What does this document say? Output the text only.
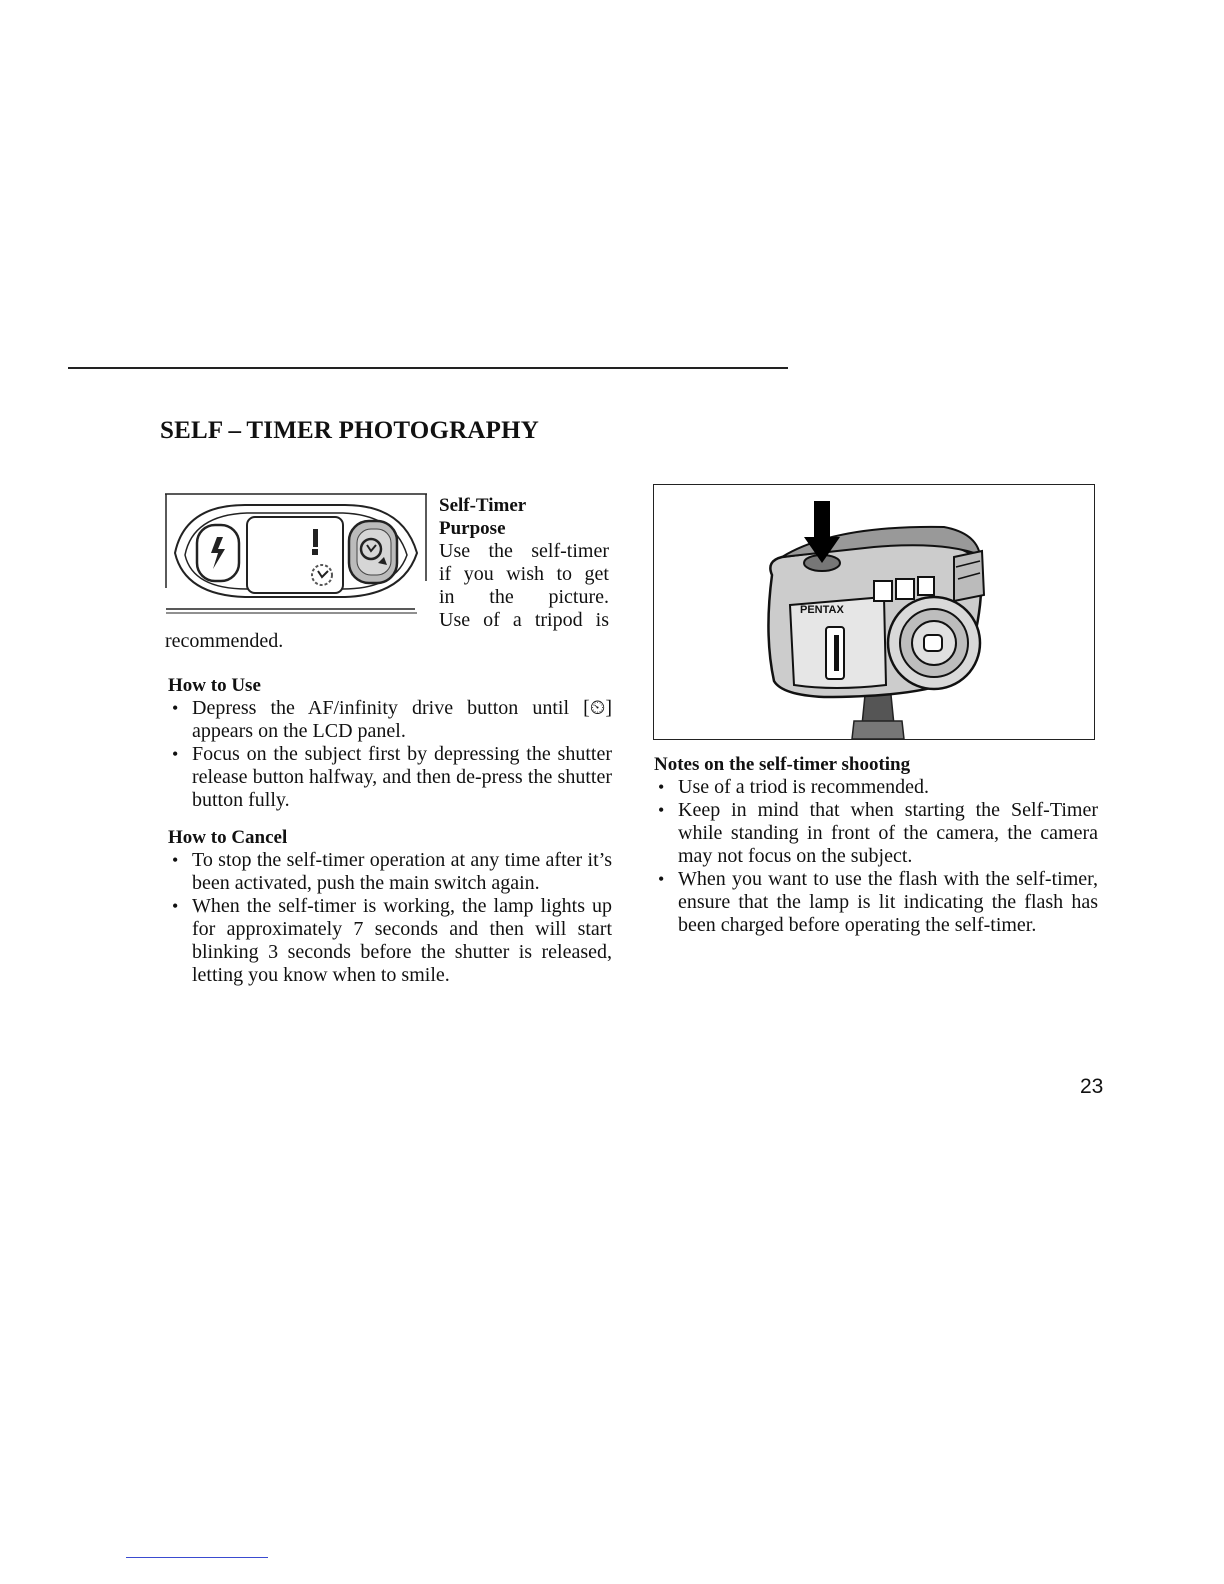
SELF – TIMER PHOTOGRAPHY
Self-Timer
Purpose
Use the self-timer
if you wish to get
in the picture.
Use of a tripod is
recommended.
How to Use
• Depress the AF/infinity drive button until [⏲] appears on the LCD panel.
• Focus on the subject first by depressing the shutter release button halfway, and then de-press the shutter button fully.
How to Cancel
• To stop the self-timer operation at any time after it’s been activated, push the main switch again.
• When the self-timer is working, the lamp lights up for approximately 7 seconds and then will start blinking 3 seconds before the shutter is released, letting you know when to smile.
PENTAX
Notes on the self-timer shooting
• Use of a triod is recommended.
• Keep in mind that when starting the Self-Timer while standing in front of the camera, the camera may not focus on the subject.
• When you want to use the flash with the self-timer, ensure that the lamp is lit indicating the flash has been charged before operating the self-timer.
23
